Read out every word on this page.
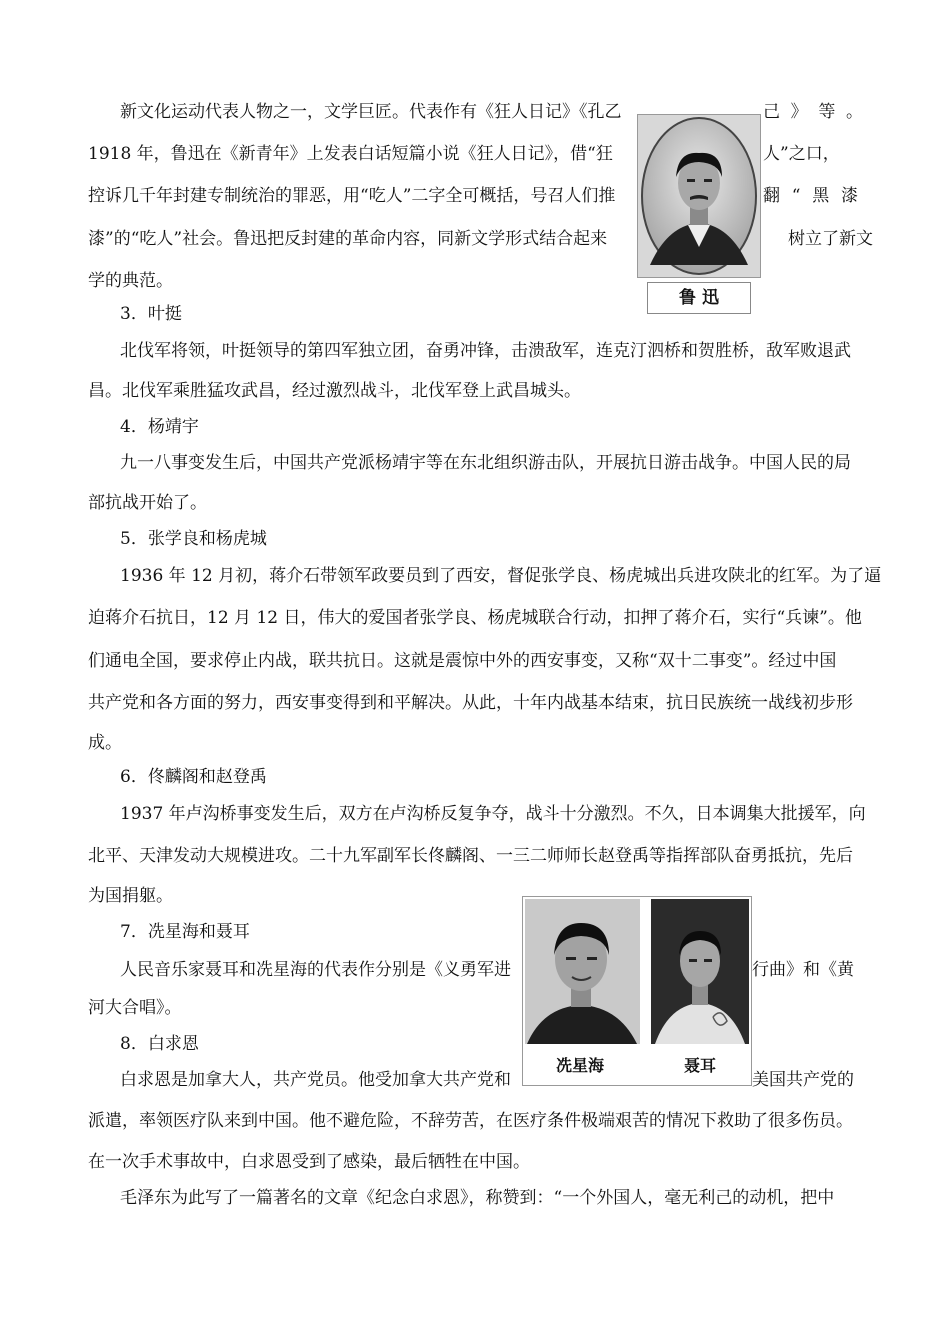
新文化运动代表人物之一，文学巨匠。代表作有《狂人日记》《孔乙	己 》 等 。
1918 年，鲁迅在《新青年》上发表白话短篇小说《狂人日记》，借“狂	人”之口，
控诉几千年封建专制统治的罪恶，用“吃人”二字全可概括，号召人们推	翻 “ 黑 漆
漆”的“吃人”社会。鲁迅把反封建的革命内容，同新文学形式结合起来	树 立 了 新 文
学的典范。
鲁 迅
3．叶挺
北伐军将领，叶挺领导的第四军独立团，奋勇冲锋，击溃敌军，连克汀泗桥和贺胜桥，敌军败退武
昌。北伐军乘胜猛攻武昌，经过激烈战斗，北伐军登上武昌城头。
4．杨靖宇
九一八事变发生后，中国共产党派杨靖宇等在东北组织游击队，开展抗日游击战争。中国人民的局
部抗战开始了。
5．张学良和杨虎城
1936 年 12 月初，蒋介石带领军政要员到了西安，督促张学良、杨虎城出兵进攻陕北的红军。为了逼
迫蒋介石抗日，12 月 12 日，伟大的爱国者张学良、杨虎城联合行动，扣押了蒋介石，实行“兵谏”。他
们通电全国，要求停止内战，联共抗日。这就是震惊中外的西安事变，又称“双十二事变”。经过中国
共产党和各方面的努力，西安事变得到和平解决。从此，十年内战基本结束，抗日民族统一战线初步形
成。
6．佟麟阁和赵登禹
1937 年卢沟桥事变发生后，双方在卢沟桥反复争夺，战斗十分激烈。不久，日本调集大批援军，向
北平、天津发动大规模进攻。二十九军副军长佟麟阁、一三二师师长赵登禹等指挥部队奋勇抵抗，先后
为国捐躯。
7．冼星海和聂耳
人民音乐家聂耳和冼星海的代表作分别是《义勇军进	行曲》和《黄
河大合唱》。
冼星海	聂耳
8．白求恩
白求恩是加拿大人，共产党员。他受加拿大共产党和	美国共产党的
派遣，率领医疗队来到中国。他不避危险，不辞劳苦，在医疗条件极端艰苦的情况下救助了很多伤员。
在一次手术事故中，白求恩受到了感染，最后牺牲在中国。
毛泽东为此写了一篇著名的文章《纪念白求恩》，称赞到：“一个外国人，毫无利己的动机，把中
